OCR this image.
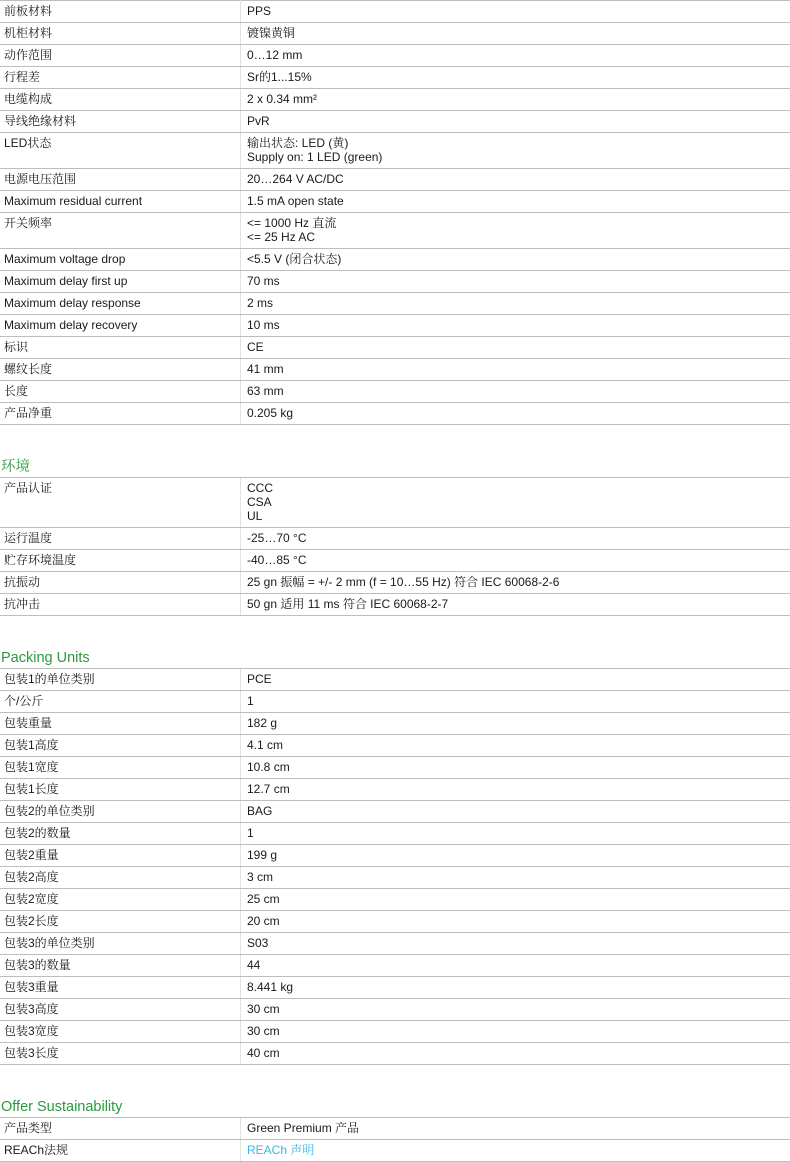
前板材料	PPS

机柜材料	镀镍黄铜

动作范围	0…12 mm

行程差	Sr的1...15%

电缆构成	2 x 0.34 mm²

导线绝缘材料	PvR

LED状态	输出状态: LED (黄)
Supply on: 1 LED (green)

电源电压范围	20…264 V AC/DC

Maximum residual current	1.5 mA open state

开关频率	<= 1000 Hz 直流
<= 25 Hz AC

Maximum voltage drop	<5.5 V (闭合状态)

Maximum delay first up	70 ms

Maximum delay response	2 ms

Maximum delay recovery	10 ms

标识	CE

螺纹长度	41 mm

长度	63 mm

产品净重	0.205 kg
环境
产品认证	CCC
CSA
UL

运行温度	-25…70 °C

贮存环境温度	-40…85 °C

抗振动	25 gn 振幅 = +/- 2 mm (f = 10…55 Hz) 符合 IEC 60068-2-6

抗冲击	50 gn 适用 11 ms 符合 IEC 60068-2-7
Packing Units
包装1的单位类别	PCE

个/公斤	1

包装重量	182 g

包装1高度	4.1 cm

包装1宽度	10.8 cm

包装1长度	12.7 cm

包装2的单位类别	BAG

包装2的数量	1

包装2重量	199 g

包装2高度	3 cm

包装2宽度	25 cm

包装2长度	20 cm

包装3的单位类别	S03

包装3的数量	44

包装3重量	8.441 kg

包装3高度	30 cm

包装3宽度	30 cm

包装3长度	40 cm
Offer Sustainability
产品类型	Green Premium 产品

REACh法规	REACh 声明
